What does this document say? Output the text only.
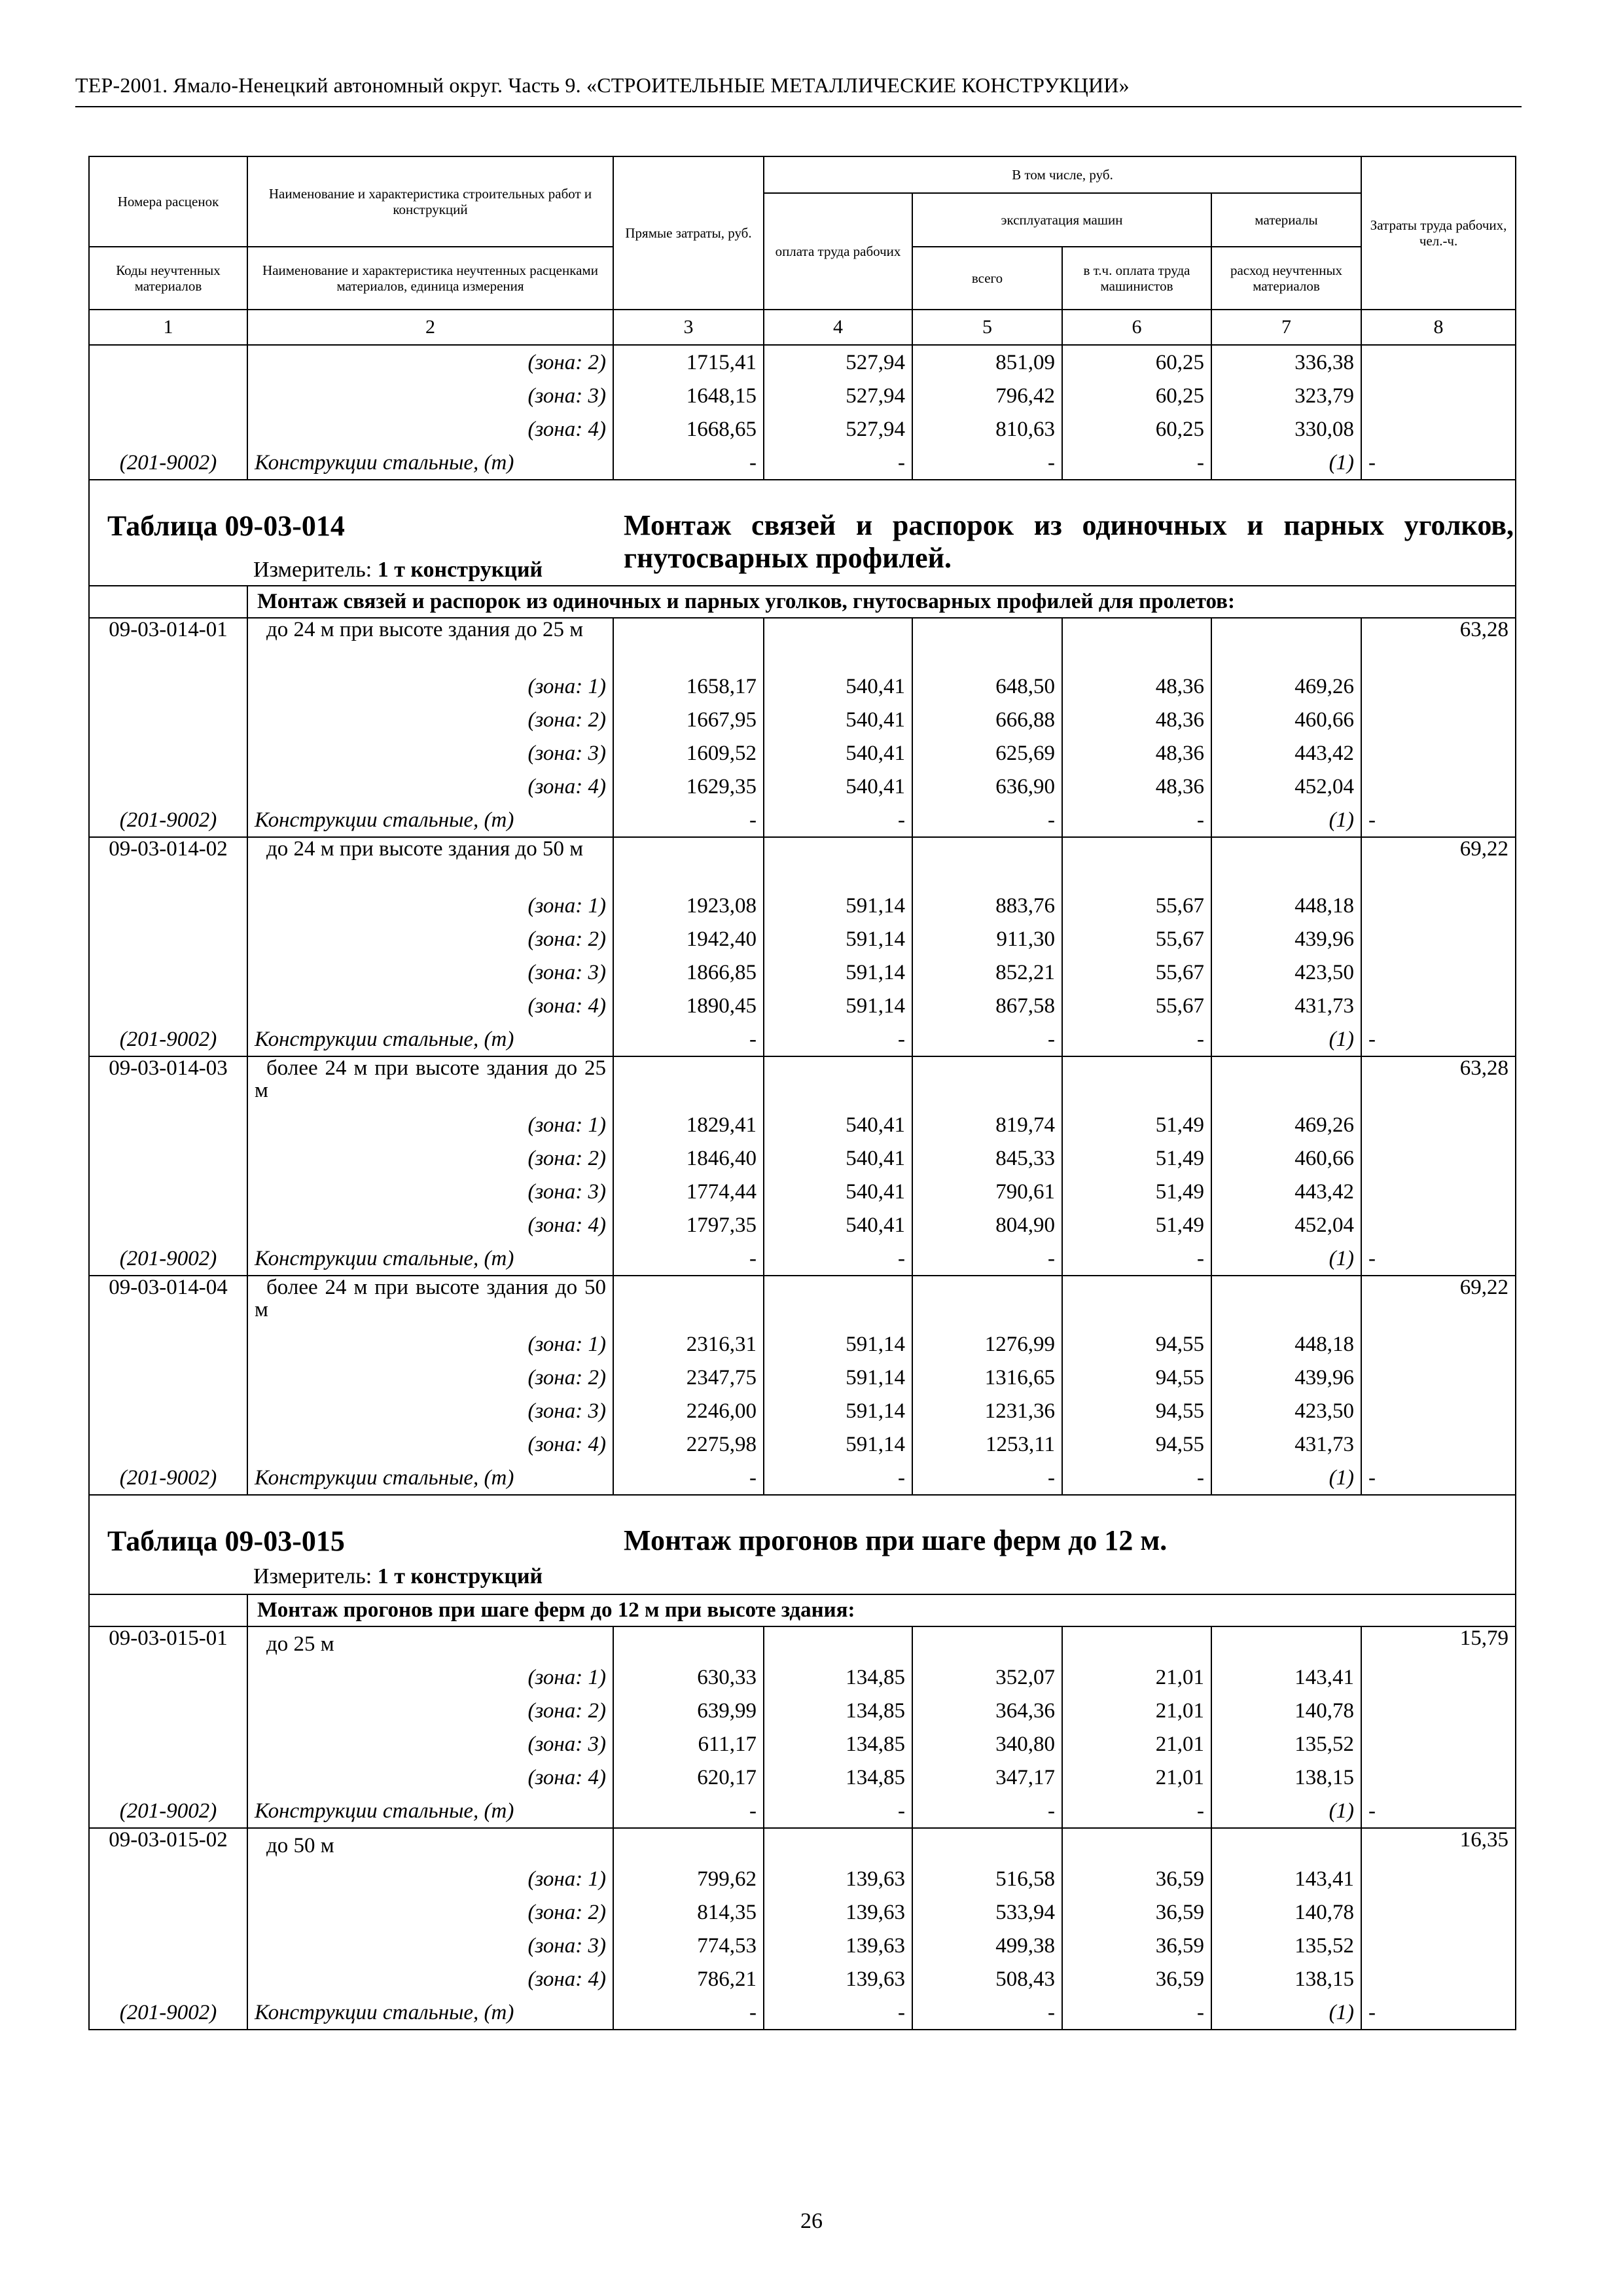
ТЕР-2001. Ямало-Ненецкий автономный округ. Часть 9. «СТРОИТЕЛЬНЫЕ МЕТАЛЛИЧЕСКИЕ КОНСТРУКЦИИ»
Номера расценок	Наименование и характеристика строительных работ и конструкций	Прямые затраты, руб.	В том числе, руб.				Затраты труда рабочих, чел.-ч.
			оплата труда рабочих	эксплуатация машин		материалы	
Коды неучтенных материалов	Наименование и характеристика неучтенных расценками материалов, единица измерения			всего	в т.ч. оплата труда машинистов	расход неучтенных материалов	
1	2	3	4	5	6	7	8
	(зона: 2)	1715,41	527,94	851,09	60,25	336,38	
	(зона: 3)	1648,15	527,94	796,42	60,25	323,79	
	(зона: 4)	1668,65	527,94	810,63	60,25	330,08	
(201-9002)	Конструкции стальные, (т)	-	-	-	-	(1)	-

Таблица 09-03-014 Монтаж связей и распорок из одиночных и парных уголков, гнутосварных профилей.
Измеритель: 1 т конструкций							

	Монтаж связей и распорок из одиночных и парных уголков, гнутосварных профилей для пролетов:						
09-03-014-01	до 24 м при высоте здания до 25 м						63,28
	(зона: 1)	1658,17	540,41	648,50	48,36	469,26	
	(зона: 2)	1667,95	540,41	666,88	48,36	460,66	
	(зона: 3)	1609,52	540,41	625,69	48,36	443,42	
	(зона: 4)	1629,35	540,41	636,90	48,36	452,04	
(201-9002)	Конструкции стальные, (т)	-	-	-	-	(1)	-
09-03-014-02	до 24 м при высоте здания до 50 м						69,22
	(зона: 1)	1923,08	591,14	883,76	55,67	448,18	
	(зона: 2)	1942,40	591,14	911,30	55,67	439,96	
	(зона: 3)	1866,85	591,14	852,21	55,67	423,50	
	(зона: 4)	1890,45	591,14	867,58	55,67	431,73	
(201-9002)	Конструкции стальные, (т)	-	-	-	-	(1)	-
09-03-014-03	более 24 м при высоте здания до 25 м						63,28
	(зона: 1)	1829,41	540,41	819,74	51,49	469,26	
	(зона: 2)	1846,40	540,41	845,33	51,49	460,66	
	(зона: 3)	1774,44	540,41	790,61	51,49	443,42	
	(зона: 4)	1797,35	540,41	804,90	51,49	452,04	
(201-9002)	Конструкции стальные, (т)	-	-	-	-	(1)	-
09-03-014-04	более 24 м при высоте здания до 50 м						69,22
	(зона: 1)	2316,31	591,14	1276,99	94,55	448,18	
	(зона: 2)	2347,75	591,14	1316,65	94,55	439,96	
	(зона: 3)	2246,00	591,14	1231,36	94,55	423,50	
	(зона: 4)	2275,98	591,14	1253,11	94,55	431,73	
(201-9002)	Конструкции стальные, (т)	-	-	-	-	(1)	-

Таблица 09-03-015 Монтаж прогонов при шаге ферм до 12 м.
Измеритель: 1 т конструкций							

	Монтаж прогонов при шаге ферм до 12 м при высоте здания:						
09-03-015-01	до 25 м						15,79
	(зона: 1)	630,33	134,85	352,07	21,01	143,41	
	(зона: 2)	639,99	134,85	364,36	21,01	140,78	
	(зона: 3)	611,17	134,85	340,80	21,01	135,52	
	(зона: 4)	620,17	134,85	347,17	21,01	138,15	
(201-9002)	Конструкции стальные, (т)	-	-	-	-	(1)	-
09-03-015-02	до 50 м						16,35
	(зона: 1)	799,62	139,63	516,58	36,59	143,41	
	(зона: 2)	814,35	139,63	533,94	36,59	140,78	
	(зона: 3)	774,53	139,63	499,38	36,59	135,52	
	(зона: 4)	786,21	139,63	508,43	36,59	138,15	
(201-9002)	Конструкции стальные, (т)	-	-	-	-	(1)	-
26
